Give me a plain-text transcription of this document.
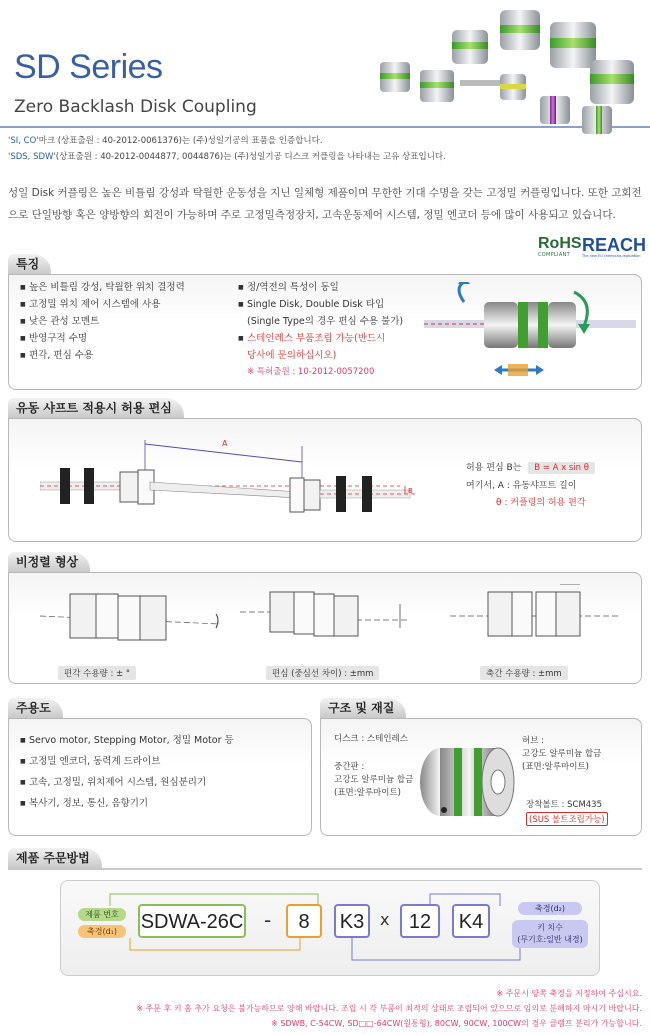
SD Series
Zero Backlash Disk Coupling
'SI, CO'마크 (상표출원 : 40-2012-0061376)는 (주)성일기공의 표품을 인증합니다.
'SDS, SDW'(상표출원 : 40-2012-0044877, 0044876)는 (주)성일기공 디스크 커플링을 나타내는 고유 상표입니다.
성일 Disk 커플링은 높은 비틀림 강성과 탁월한 운동성을 지닌 일체형 제품이며 무한한 기대 수명을 갖는 고정밀 커플링입니다. 또한 고회전으로 단일방향 혹은 양방향의 회전이 가능하며 주로 고정밀측정장치, 고속운동제어 시스템, 정밀 엔코더 등에 많이 사용되고 있습니다.
RoHS
COMPLIANT REACH
The new EU chemicals legislation
특징
■ 높은 비틀림 강성, 탁월한 위치 결정력
■ 고정밀 위치 제어 시스템에 사용
■ 낮은 관성 모멘트
■ 반영구적 수명
■ 편각, 편심 수용
■ 정/역전의 특성이 동일
■ Single Disk, Double Disk 타입
(Single Type의 경우 편심 수용 불가)
■ 스테인레스 부품조립 가능(반드시
당사에 문의하십시오)
※ 특허출원 : 10-2012-0057200
유동 샤프트 적용시 허용 편심
A
B
허용 편심 B는 B = A x sin θ
여기서, A : 유동샤프트 길이
θ : 커플링의 허용 편각
비정렬 형상
편각 수용량 : ± °	편심 (중심선 차이) : ±mm	축간 수용량 : ±mm
주용도
■ Servo motor, Stepping Motor, 정밀 Motor 등
■ 고정밀 엔코더, 동력계 드라이브
■ 고속, 고정밀, 위치제어 시스템, 원심분리기
■ 복사기, 정보, 통신, 음향기기
구조 및 재질
디스크 : 스테인레스
중간판 :
고강도 알루미늄 합금
(표면:알루마이트)
허브 :
고강도 알루미늄 합금
(표면:알루마이트)
장착볼트 : SCM435
(SUS 볼트조립가능)
제품 주문방법
제품 번호
축경(d₁)	SDWA-26C -	8	K3 x 12	K4
축경(d₂)
키 치수
(무기호:일반 내경)
※ 주문시 양쪽 축경을 지정하여 주십시요.
※ 주문 후 키 홈 추가 요청은 불가능하므로 양해 바랍니다. 조립 시 각 부품이 최적의 상태로 조립되어 있으므로 임의로 분해하지 마시기 바랍니다.
※ SDWB, C-54CW, SD□□-64CW(원통형), 80CW, 90CW, 100CW의 경우 클램프 분리가 가능합니다.
